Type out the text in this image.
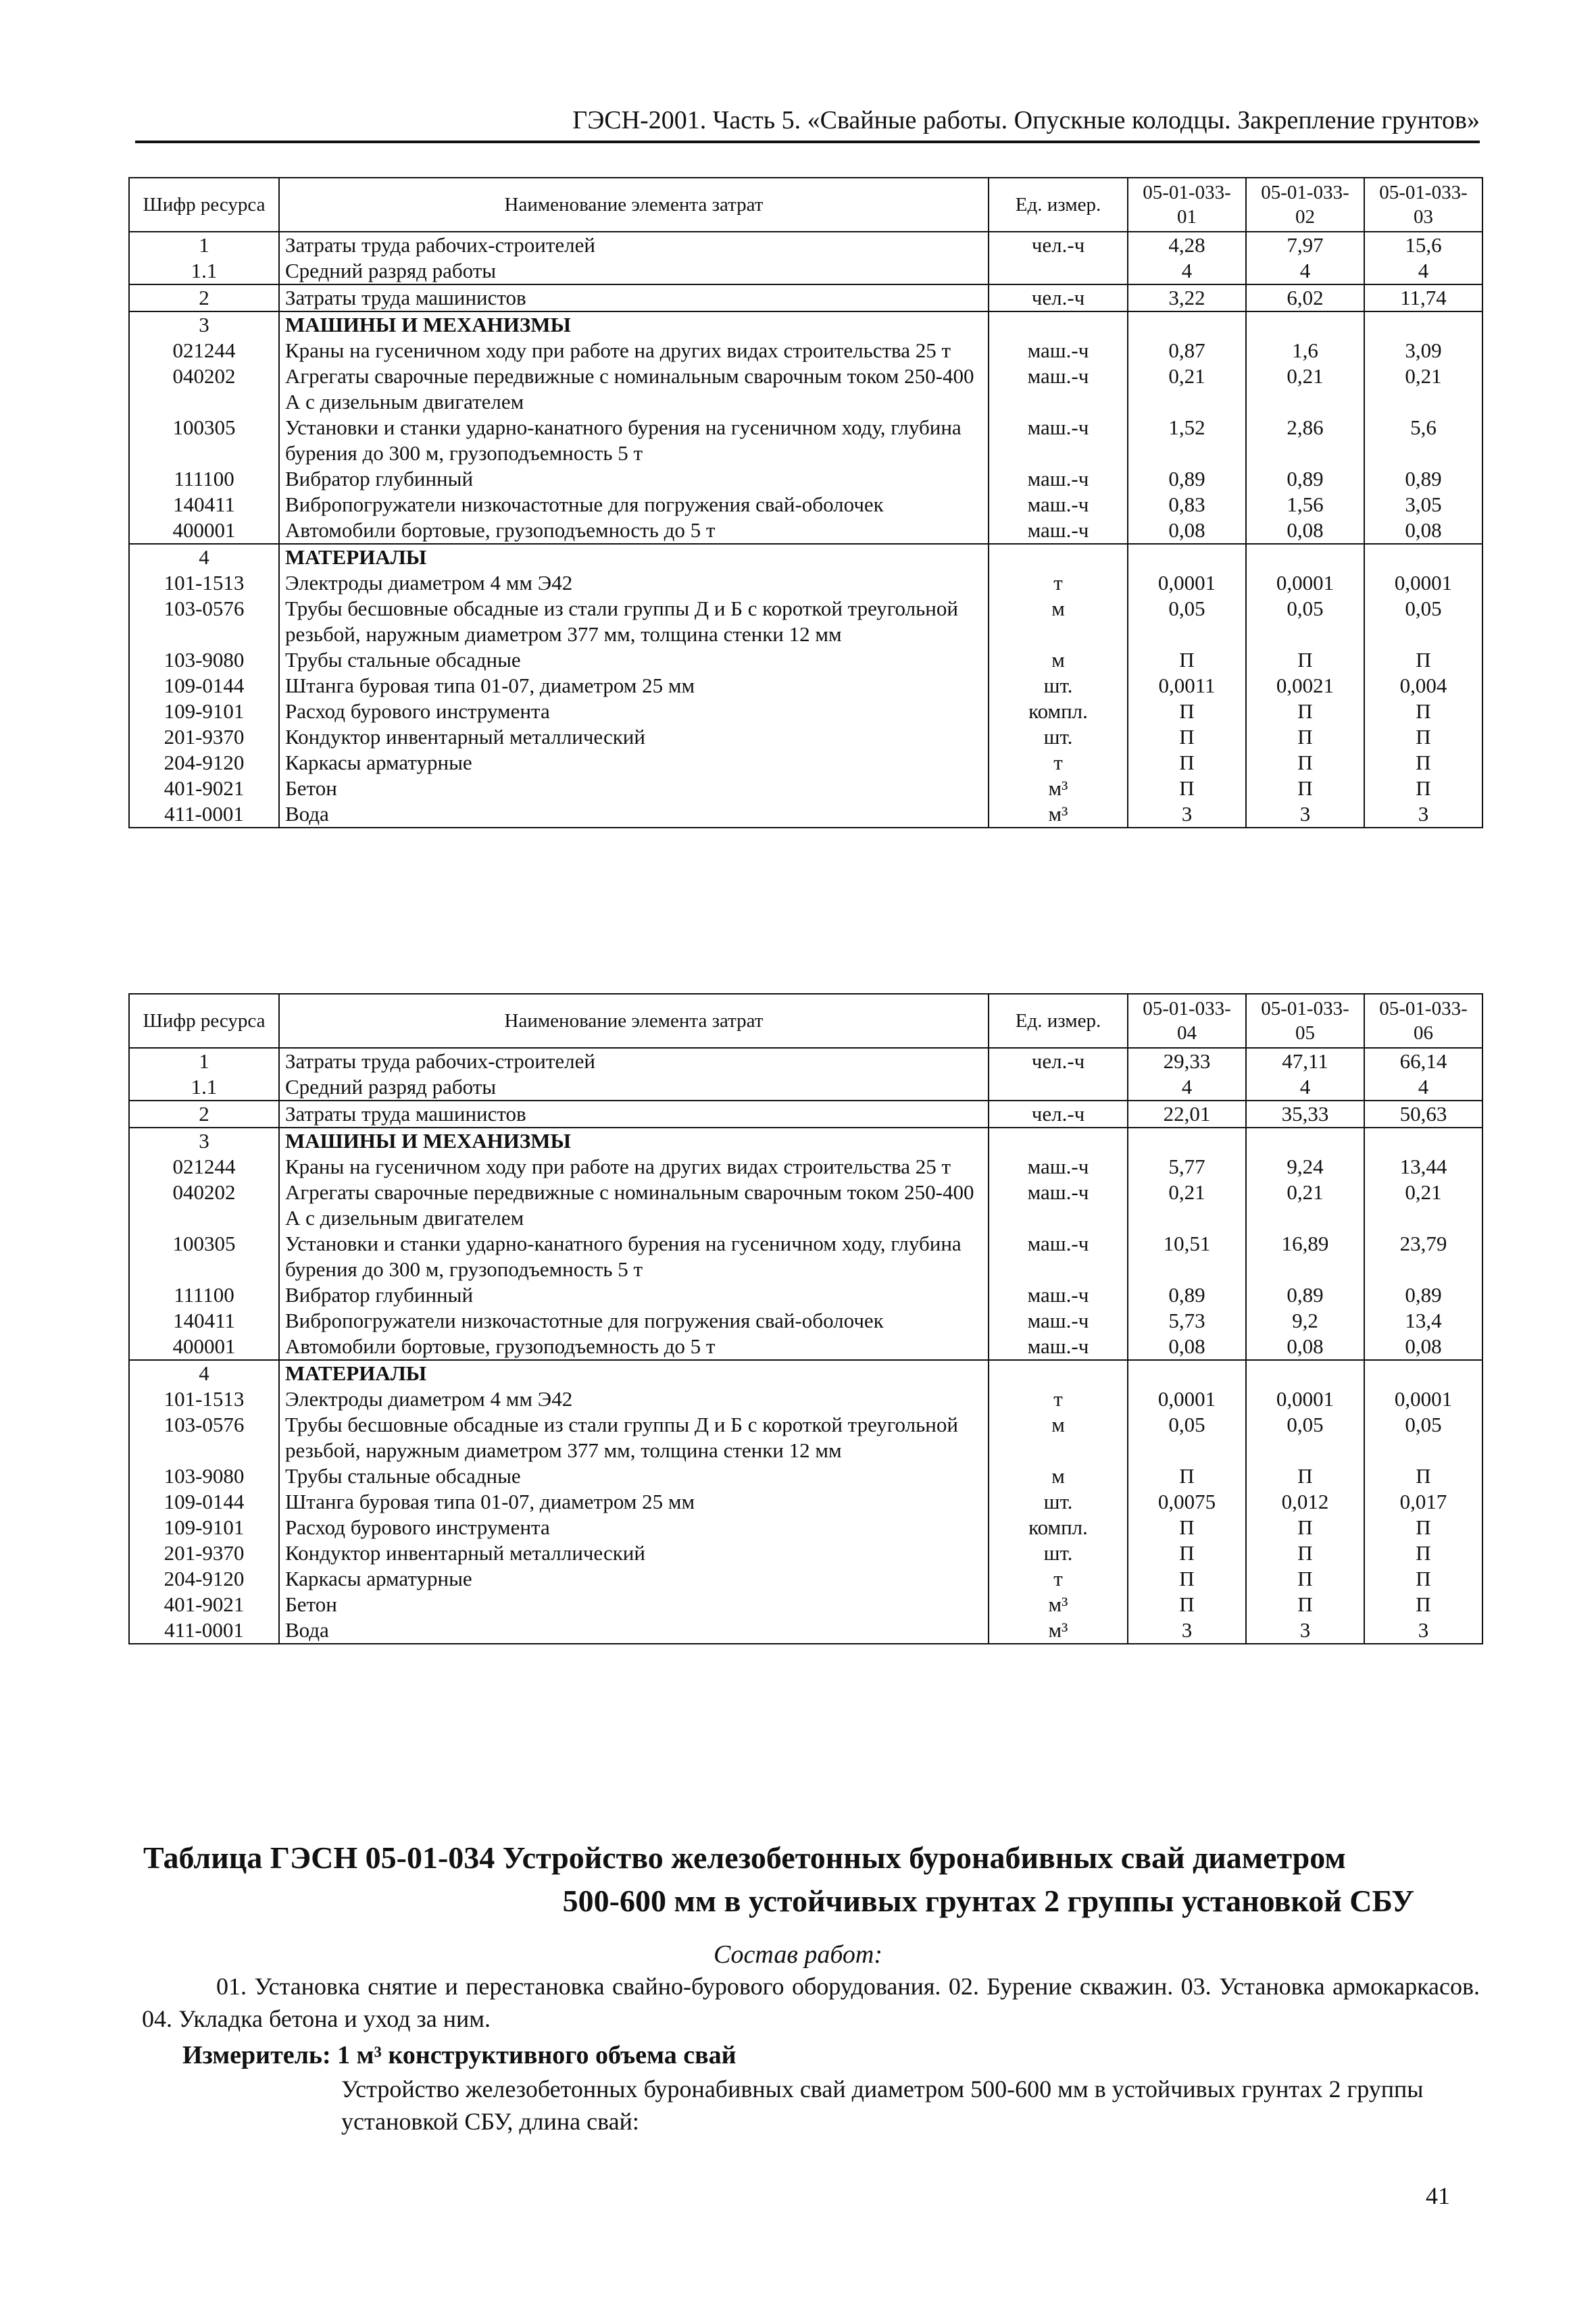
ГЭСН-2001. Часть 5. «Свайные работы. Опускные колодцы. Закрепление грунтов»
Шифр ресурса	Наименование элемента затрат	Ед. измер.	05-01-033-01	05-01-033-02	05-01-033-03
1	Затраты труда рабочих-строителей	чел.-ч	4,28	7,97	15,6
1.1	Средний разряд работы		4	4	4
2	Затраты труда машинистов	чел.-ч	3,22	6,02	11,74
3	МАШИНЫ И МЕХАНИЗМЫ				
021244	Краны на гусеничном ходу при работе на других видах строительства 25 т	маш.-ч	0,87	1,6	3,09
040202	Агрегаты сварочные передвижные с номинальным сварочным током 250-400 А с дизельным двигателем	маш.-ч	0,21	0,21	0,21
100305	Установки и станки ударно-канатного бурения на гусеничном ходу, глубина бурения до 300 м, грузоподъемность 5 т	маш.-ч	1,52	2,86	5,6
111100	Вибратор глубинный	маш.-ч	0,89	0,89	0,89
140411	Вибропогружатели низкочастотные для погружения свай-оболочек	маш.-ч	0,83	1,56	3,05
400001	Автомобили бортовые, грузоподъемность до 5 т	маш.-ч	0,08	0,08	0,08
4	МАТЕРИАЛЫ				
101-1513	Электроды диаметром 4 мм Э42	т	0,0001	0,0001	0,0001
103-0576	Трубы бесшовные обсадные из стали группы Д и Б с короткой треугольной резьбой, наружным диаметром 377 мм, толщина стенки 12 мм	м	0,05	0,05	0,05
103-9080	Трубы стальные обсадные	м	П	П	П
109-0144	Штанга буровая типа 01-07, диаметром 25 мм	шт.	0,0011	0,0021	0,004
109-9101	Расход бурового инструмента	компл.	П	П	П
201-9370	Кондуктор инвентарный металлический	шт.	П	П	П
204-9120	Каркасы арматурные	т	П	П	П
401-9021	Бетон	м³	П	П	П
411-0001	Вода	м³	3	3	3
Шифр ресурса	Наименование элемента затрат	Ед. измер.	05-01-033-04	05-01-033-05	05-01-033-06
1	Затраты труда рабочих-строителей	чел.-ч	29,33	47,11	66,14
1.1	Средний разряд работы		4	4	4
2	Затраты труда машинистов	чел.-ч	22,01	35,33	50,63
3	МАШИНЫ И МЕХАНИЗМЫ				
021244	Краны на гусеничном ходу при работе на других видах строительства 25 т	маш.-ч	5,77	9,24	13,44
040202	Агрегаты сварочные передвижные с номинальным сварочным током 250-400 А с дизельным двигателем	маш.-ч	0,21	0,21	0,21
100305	Установки и станки ударно-канатного бурения на гусеничном ходу, глубина бурения до 300 м, грузоподъемность 5 т	маш.-ч	10,51	16,89	23,79
111100	Вибратор глубинный	маш.-ч	0,89	0,89	0,89
140411	Вибропогружатели низкочастотные для погружения свай-оболочек	маш.-ч	5,73	9,2	13,4
400001	Автомобили бортовые, грузоподъемность до 5 т	маш.-ч	0,08	0,08	0,08
4	МАТЕРИАЛЫ				
101-1513	Электроды диаметром 4 мм Э42	т	0,0001	0,0001	0,0001
103-0576	Трубы бесшовные обсадные из стали группы Д и Б с короткой треугольной резьбой, наружным диаметром 377 мм, толщина стенки 12 мм	м	0,05	0,05	0,05
103-9080	Трубы стальные обсадные	м	П	П	П
109-0144	Штанга буровая типа 01-07, диаметром 25 мм	шт.	0,0075	0,012	0,017
109-9101	Расход бурового инструмента	компл.	П	П	П
201-9370	Кондуктор инвентарный металлический	шт.	П	П	П
204-9120	Каркасы арматурные	т	П	П	П
401-9021	Бетон	м³	П	П	П
411-0001	Вода	м³	3	3	3
Таблица ГЭСН 05-01-034 Устройство железобетонных буронабивных свай диаметром
500-600 мм в устойчивых грунтах 2 группы установкой СБУ
Состав работ:
01. Установка снятие и перестановка свайно-бурового оборудования. 02. Бурение скважин. 03. Установка армокаркасов. 04. Укладка бетона и уход за ним.
Измеритель: 1 м³ конструктивного объема свай
Устройство железобетонных буронабивных свай диаметром 500-600 мм в устойчивых грунтах 2 группы установкой СБУ, длина свай:
41
